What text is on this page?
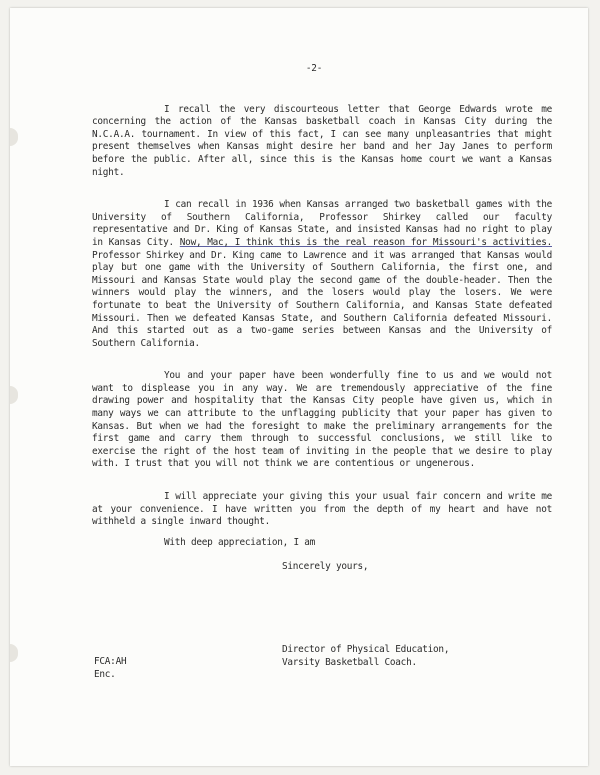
-2-

I recall the very discourteous letter that George Edwards wrote me concerning the action of the Kansas basketball coach in Kansas City during the N.C.A.A. tournament. In view of this fact, I can see many unpleasantries that might present themselves when Kansas might desire her band and her Jay Janes to perform before the public. After all, since this is the Kansas home court we want a Kansas night.

I can recall in 1936 when Kansas arranged two basketball games with the University of Southern California, Professor Shirkey called our faculty representative and Dr. King of Kansas State, and insisted Kansas had no right to play in Kansas City. Now, Mac, I think this is the real reason for Missouri's activities. Professor Shirkey and Dr. King came to Lawrence and it was arranged that Kansas would play but one game with the University of Southern California, the first one, and Missouri and Kansas State would play the second game of the double-header. Then the winners would play the winners, and the losers would play the losers. We were fortunate to beat the University of Southern California, and Kansas State defeated Missouri. Then we defeated Kansas State, and Southern California defeated Missouri. And this started out as a two-game series between Kansas and the University of Southern California.

You and your paper have been wonderfully fine to us and we would not want to displease you in any way. We are tremendously appreciative of the fine drawing power and hospitality that the Kansas City people have given us, which in many ways we can attribute to the unflagging publicity that your paper has given to Kansas. But when we had the foresight to make the preliminary arrangements for the first game and carry them through to successful conclusions, we still like to exercise the right of the host team of inviting in the people that we desire to play with. I trust that you will not think we are contentious or ungenerous.

I will appreciate your giving this your usual fair concern and write me at your convenience. I have written you from the depth of my heart and have not withheld a single inward thought.

With deep appreciation, I am
Sincerely yours,
Director of Physical Education,
Varsity Basketball Coach.
FCA:AH
Enc.
